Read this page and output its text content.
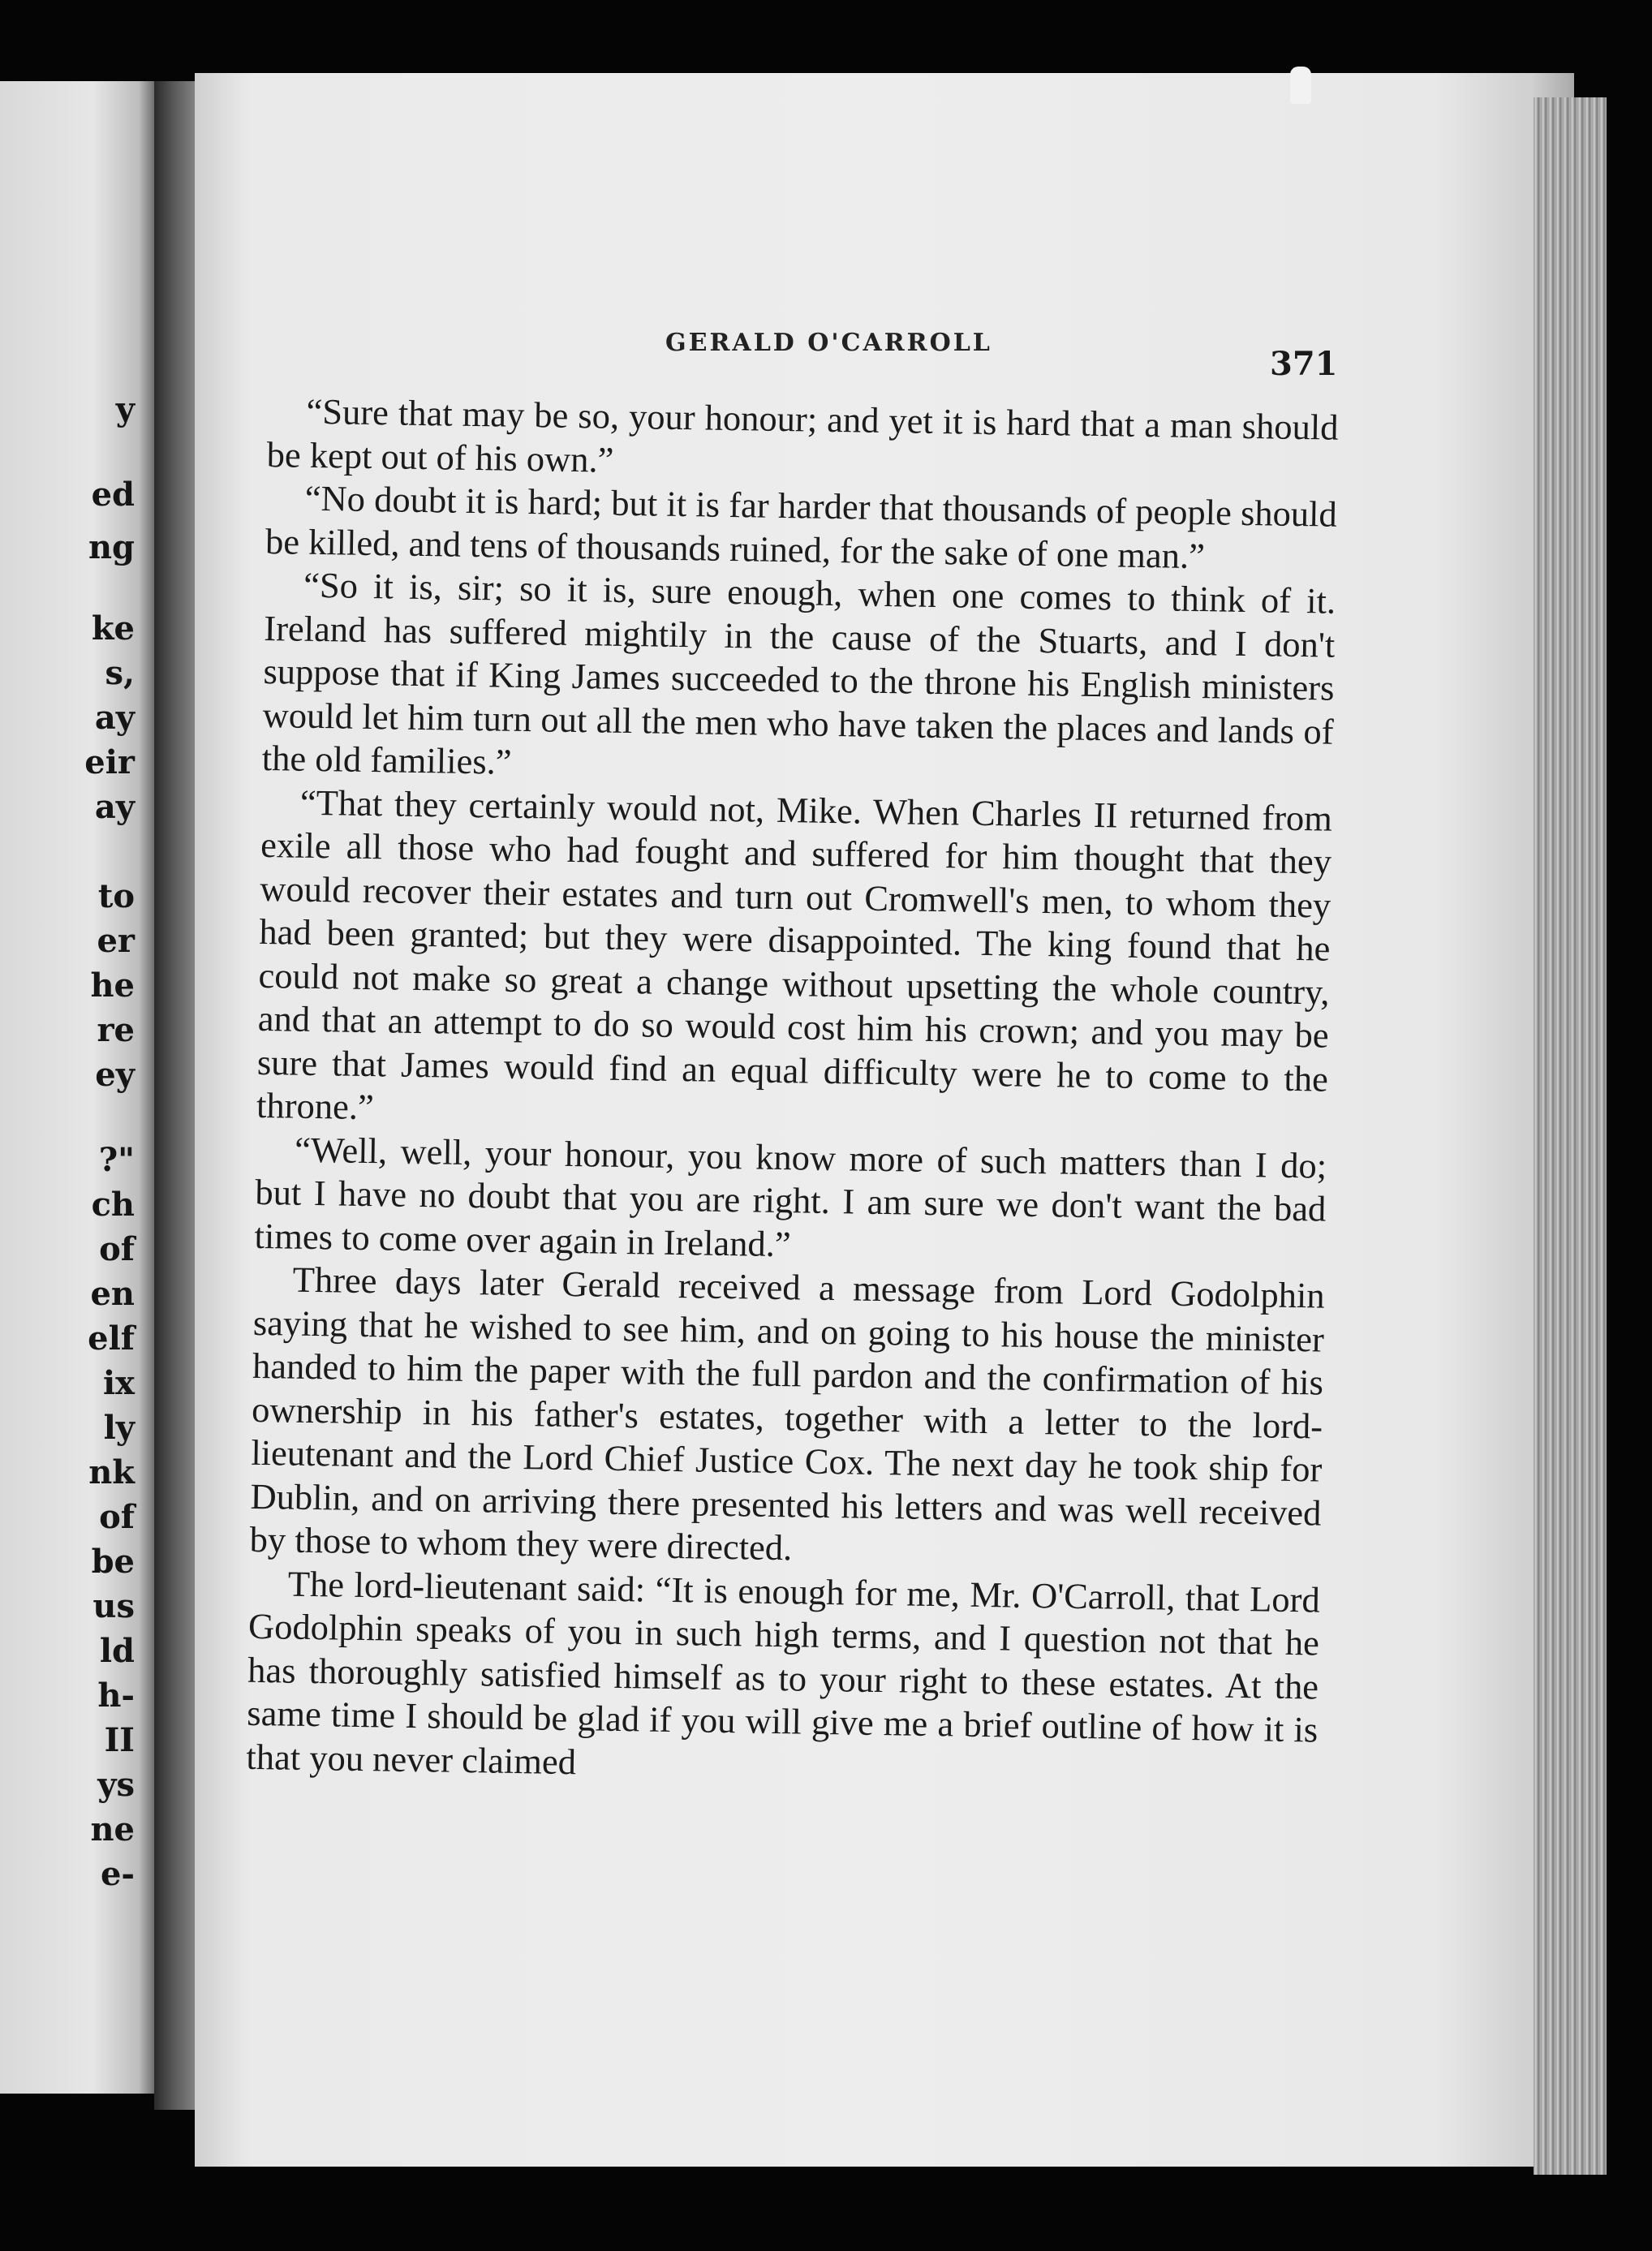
y
ed
ng
ke
s,
ay
eir
ay
to
er
he
re
ey
?"
ch
of
en
elf
ix
ly
nk
of
be
us
ld
h-
II
ys
ne
e-
GERALD O'CARROLL
371

“Sure that may be so, your honour; and yet it is hard that a man should be kept out of his own.”

“No doubt it is hard; but it is far harder that thousands of people should be killed, and tens of thousands ruined, for the sake of one man.”

“So it is, sir; so it is, sure enough, when one comes to think of it. Ireland has suffered mightily in the cause of the Stuarts, and I don't suppose that if King James succeeded to the throne his English ministers would let him turn out all the men who have taken the places and lands of the old families.”

“That they certainly would not, Mike. When Charles II returned from exile all those who had fought and suffered for him thought that they would recover their estates and turn out Cromwell's men, to whom they had been granted; but they were disappointed. The king found that he could not make so great a change without upsetting the whole country, and that an attempt to do so would cost him his crown; and you may be sure that James would find an equal difficulty were he to come to the throne.”

“Well, well, your honour, you know more of such matters than I do; but I have no doubt that you are right. I am sure we don't want the bad times to come over again in Ireland.”

Three days later Gerald received a message from Lord Godolphin saying that he wished to see him, and on going to his house the minister handed to him the paper with the full pardon and the confirmation of his ownership in his father's estates, together with a letter to the lord-lieutenant and the Lord Chief Justice Cox. The next day he took ship for Dublin, and on arriving there presented his letters and was well received by those to whom they were directed.

The lord-lieutenant said: “It is enough for me, Mr. O'Carroll, that Lord Godolphin speaks of you in such high terms, and I question not that he has thoroughly satisfied himself as to your right to these estates. At the same time I should be glad if you will give me a brief outline of how it is that you never claimed
